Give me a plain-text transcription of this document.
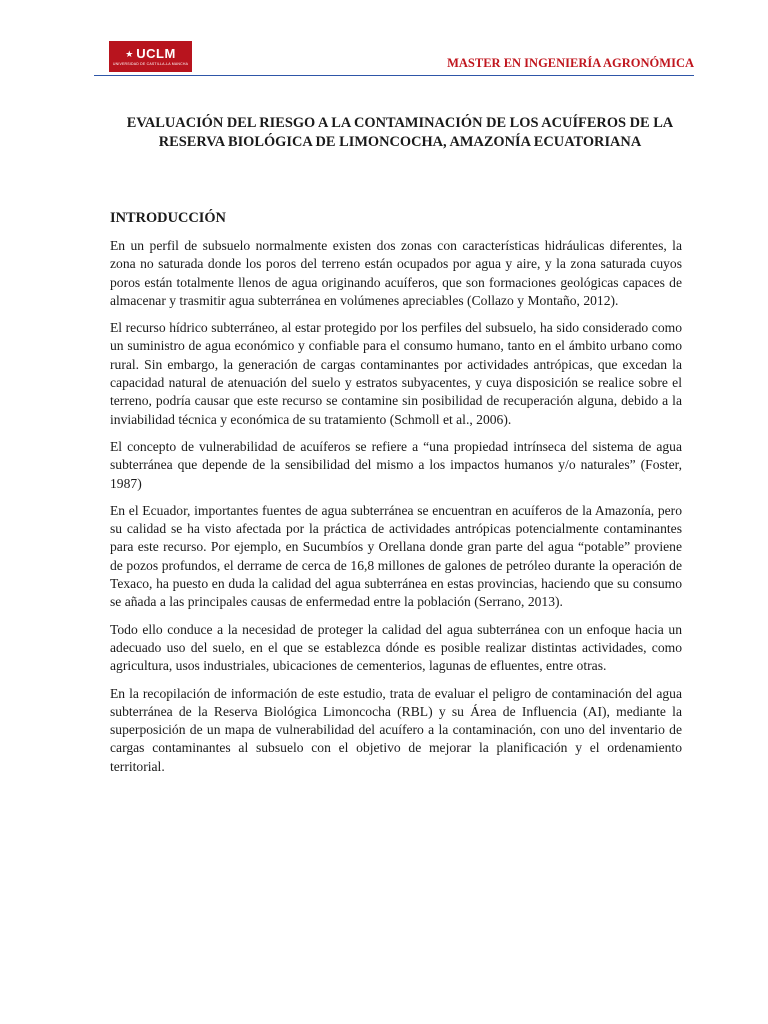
★ UCLM
UNIVERSIDAD DE CASTILLA-LA MANCHA	MASTER EN INGENIERÍA AGRONÓMICA
EVALUACIÓN DEL RIESGO A LA CONTAMINACIÓN DE LOS ACUÍFEROS DE LA RESERVA BIOLÓGICA DE LIMONCOCHA, AMAZONÍA ECUATORIANA
INTRODUCCIÓN

En un perfil de subsuelo normalmente existen dos zonas con características hidráulicas diferentes, la zona no saturada donde los poros del terreno están ocupados por agua y aire, y la zona saturada cuyos poros están totalmente llenos de agua originando acuíferos, que son formaciones geológicas capaces de almacenar y trasmitir agua subterránea en volúmenes apreciables (Collazo y Montaño, 2012).

El recurso hídrico subterráneo, al estar protegido por los perfiles del subsuelo, ha sido considerado como un suministro de agua económico y confiable para el consumo humano, tanto en el ámbito urbano como rural. Sin embargo, la generación de cargas contaminantes por actividades antrópicas, que excedan la capacidad natural de atenuación del suelo y estratos subyacentes, y cuya disposición se realice sobre el terreno, podría causar que este recurso se contamine sin posibilidad de recuperación alguna, debido a la inviabilidad técnica y económica de su tratamiento (Schmoll et al., 2006).

El concepto de vulnerabilidad de acuíferos se refiere a “una propiedad intrínseca del sistema de agua subterránea que depende de la sensibilidad del mismo a los impactos humanos y/o naturales” (Foster, 1987)

En el Ecuador, importantes fuentes de agua subterránea se encuentran en acuíferos de la Amazonía, pero su calidad se ha visto afectada por la práctica de actividades antrópicas potencialmente contaminantes para este recurso. Por ejemplo, en Sucumbíos y Orellana donde gran parte del agua “potable” proviene de pozos profundos, el derrame de cerca de 16,8 millones de galones de petróleo durante la operación de Texaco, ha puesto en duda la calidad del agua subterránea en estas provincias, haciendo que su consumo se añada a las principales causas de enfermedad entre la población (Serrano, 2013).

Todo ello conduce a la necesidad de proteger la calidad del agua subterránea con un enfoque hacia un adecuado uso del suelo, en el que se establezca dónde es posible realizar distintas actividades, como agricultura, usos industriales, ubicaciones de cementerios, lagunas de efluentes, entre otras.

En la recopilación de información de este estudio, trata de evaluar el peligro de contaminación del agua subterránea de la Reserva Biológica Limoncocha (RBL) y su Área de Influencia (AI), mediante la superposición de un mapa de vulnerabilidad del acuífero a la contaminación, con uno del inventario de cargas contaminantes al subsuelo con el objetivo de mejorar la planificación y el ordenamiento territorial.
